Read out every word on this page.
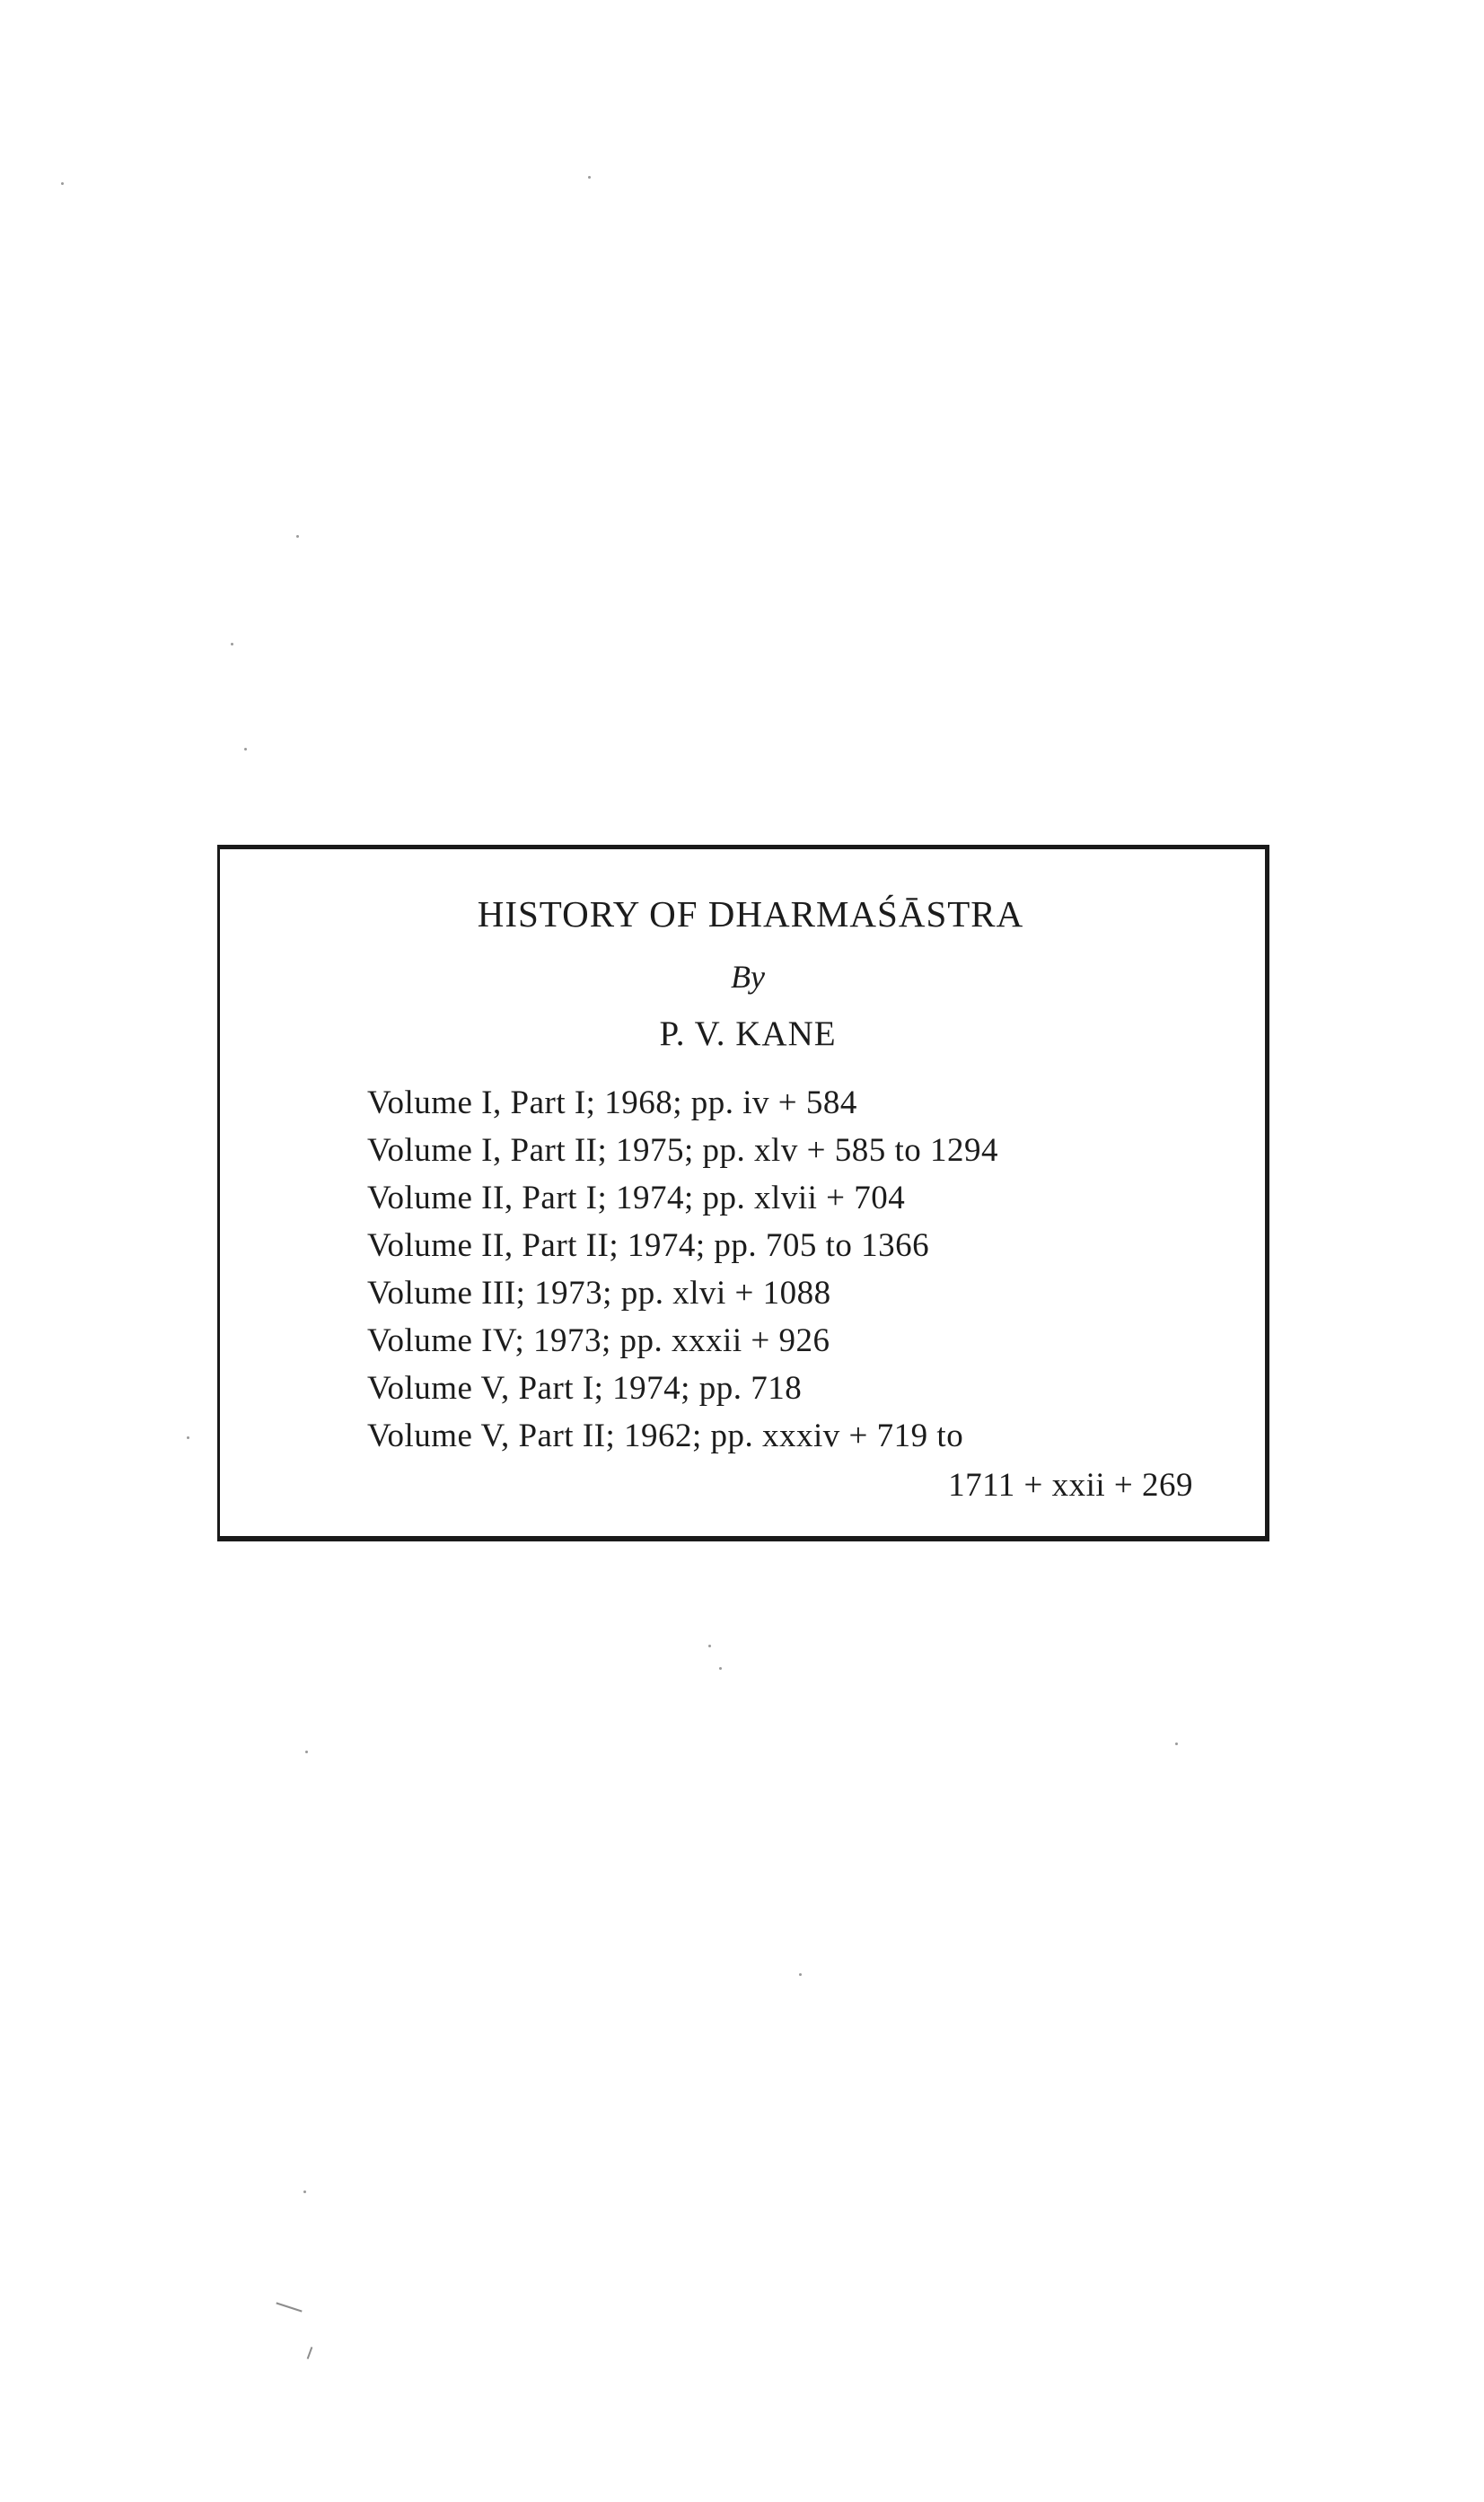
HISTORY OF DHARMAŚĀSTRA
By
P. V. KANE
Volume I, Part I; 1968; pp. iv + 584
Volume I, Part II; 1975; pp. xlv + 585 to 1294
Volume II, Part I; 1974; pp. xlvii + 704
Volume II, Part II; 1974; pp. 705 to 1366
Volume III; 1973; pp. xlvi + 1088
Volume IV; 1973; pp. xxxii + 926
Volume V, Part I; 1974; pp. 718
Volume V, Part II; 1962; pp. xxxiv + 719 to
1711 + xxii + 269
